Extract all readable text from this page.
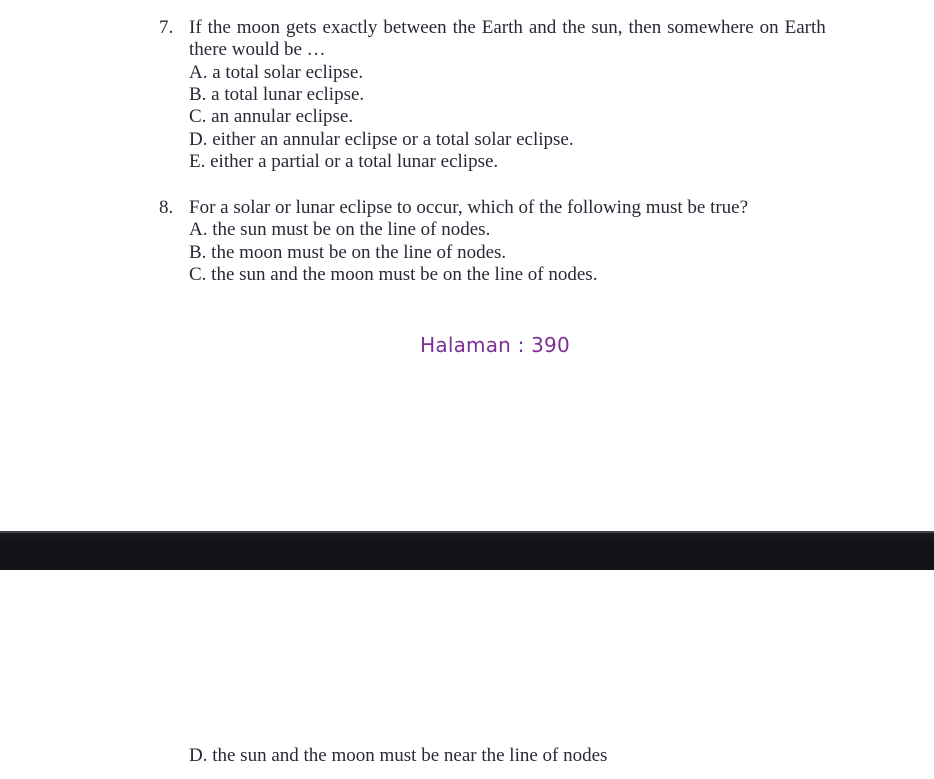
7. If the moon gets exactly between the Earth and the sun, then somewhere on Earth
there would be …
A. a total solar eclipse.
B. a total lunar eclipse.
C. an annular eclipse.
D. either an annular eclipse or a total solar eclipse.
E. either a partial or a total lunar eclipse.
8. For a solar or lunar eclipse to occur, which of the following must be true?
A. the sun must be on the line of nodes.
B. the moon must be on the line of nodes.
C. the sun and the moon must be on the line of nodes.
Halaman : 390
D. the sun and the moon must be near the line of nodes
